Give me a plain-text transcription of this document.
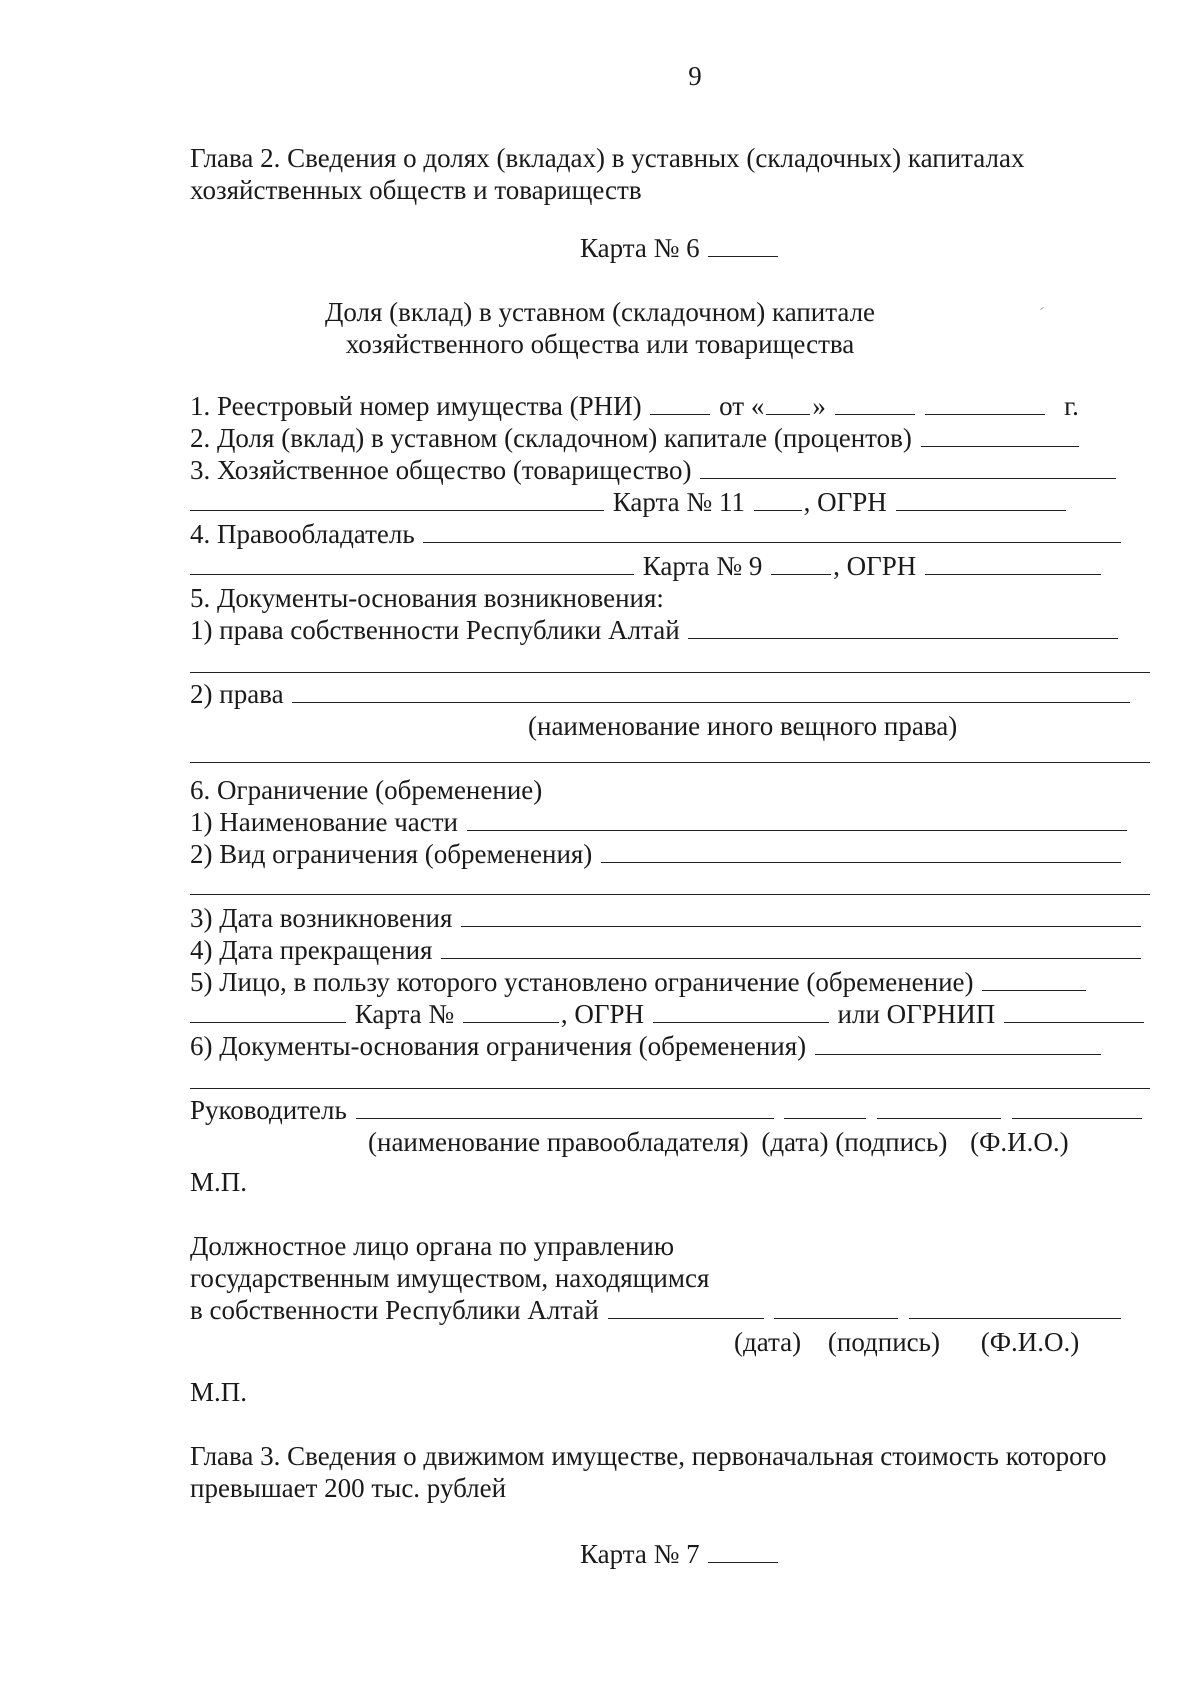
9
Глава 2. Сведения о долях (вкладах) в уставных (складочных) капиталах
хозяйственных обществ и товариществ
Карта № 6
Доля (вклад) в уставном (складочном) капитале
хозяйственного общества или товарищества
1. Реестровый номер имущества (РНИ)	от « »	г.
2. Доля (вклад) в уставном (складочном) капитале (процентов)
3. Хозяйственное общество (товарищество)
Карта № 11 , ОГРН
4. Правообладатель
Карта № 9	, ОГРН
5. Документы-основания возникновения:
1) права собственности Республики Алтай
2) права
(наименование иного вещного права)
6. Ограничение (обременение)
1) Наименование части
2) Вид ограничения (обременения)
3) Дата возникновения
4) Дата прекращения
5) Лицо, в пользу которого установлено ограничение (обременение)
Карта №	, ОГРН	или ОГРНИП
6) Документы-основания ограничения (обременения)
Руководитель
(наименование правообладателя) (дата) (подпись) (Ф.И.О.)
М.П.
Должностное лицо органа по управлению
государственным имуществом, находящимся
в собственности Республики Алтай
(дата) (подпись) (Ф.И.О.)
М.П.
Глава 3. Сведения о движимом имуществе, первоначальная стоимость которого
превышает 200 тыс. рублей
Карта № 7
